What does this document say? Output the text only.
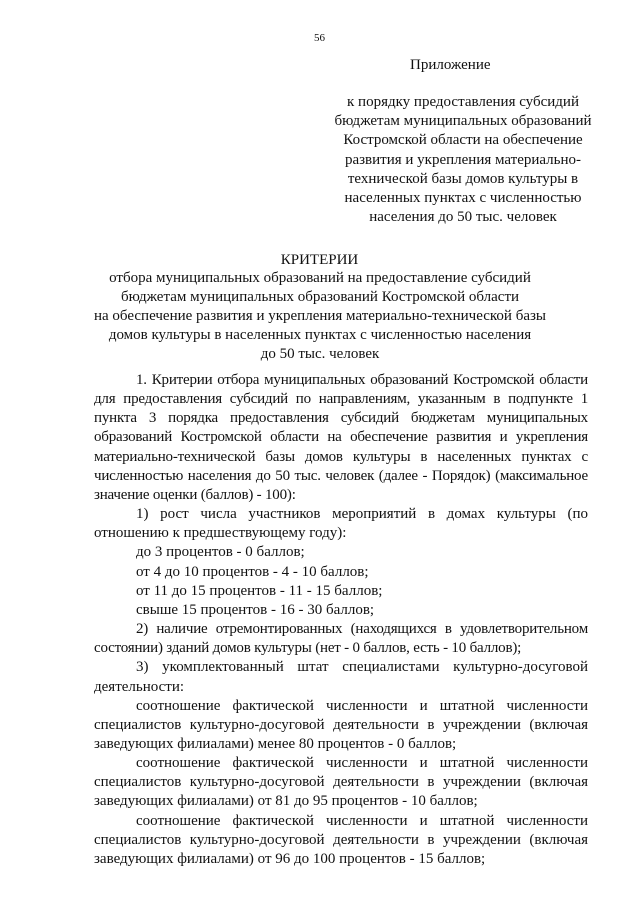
56
Приложение
к порядку предоставления субсидий
бюджетам муниципальных образований
Костромской области на обеспечение
развития и укрепления материально-
технической базы домов культуры в
населенных пунктах с численностью
населения до 50 тыс. человек
КРИТЕРИИ
отбора муниципальных образований на предоставление субсидий
бюджетам муниципальных образований Костромской области
на обеспечение развития и укрепления материально-технической базы
домов культуры в населенных пунктах с численностью населения
до 50 тыс. человек

1. Критерии отбора муниципальных образований Костромской области для предоставления субсидий по направлениям, указанным в подпункте 1 пункта 3 порядка предоставления субсидий бюджетам муниципальных образований Костромской области на обеспечение развития и укрепления материально-технической базы домов культуры в населенных пунктах с численностью населения до 50 тыс. человек (далее - Порядок) (максимальное значение оценки (баллов) - 100):

1) рост числа участников мероприятий в домах культуры (по отношению к предшествующему году):

до 3 процентов - 0 баллов;

от 4 до 10 процентов - 4 - 10 баллов;

от 11 до 15 процентов - 11 - 15 баллов;

свыше 15 процентов - 16 - 30 баллов;

2) наличие отремонтированных (находящихся в удовлетворительном состоянии) зданий домов культуры (нет - 0 баллов, есть - 10 баллов);

3) укомплектованный штат специалистами культурно-досуговой деятельности:

соотношение фактической численности и штатной численности специалистов культурно-досуговой деятельности в учреждении (включая заведующих филиалами) менее 80 процентов - 0 баллов;

соотношение фактической численности и штатной численности специалистов культурно-досуговой деятельности в учреждении (включая заведующих филиалами) от 81 до 95 процентов - 10 баллов;

соотношение фактической численности и штатной численности специалистов культурно-досуговой деятельности в учреждении (включая заведующих филиалами) от 96 до 100 процентов - 15 баллов;
